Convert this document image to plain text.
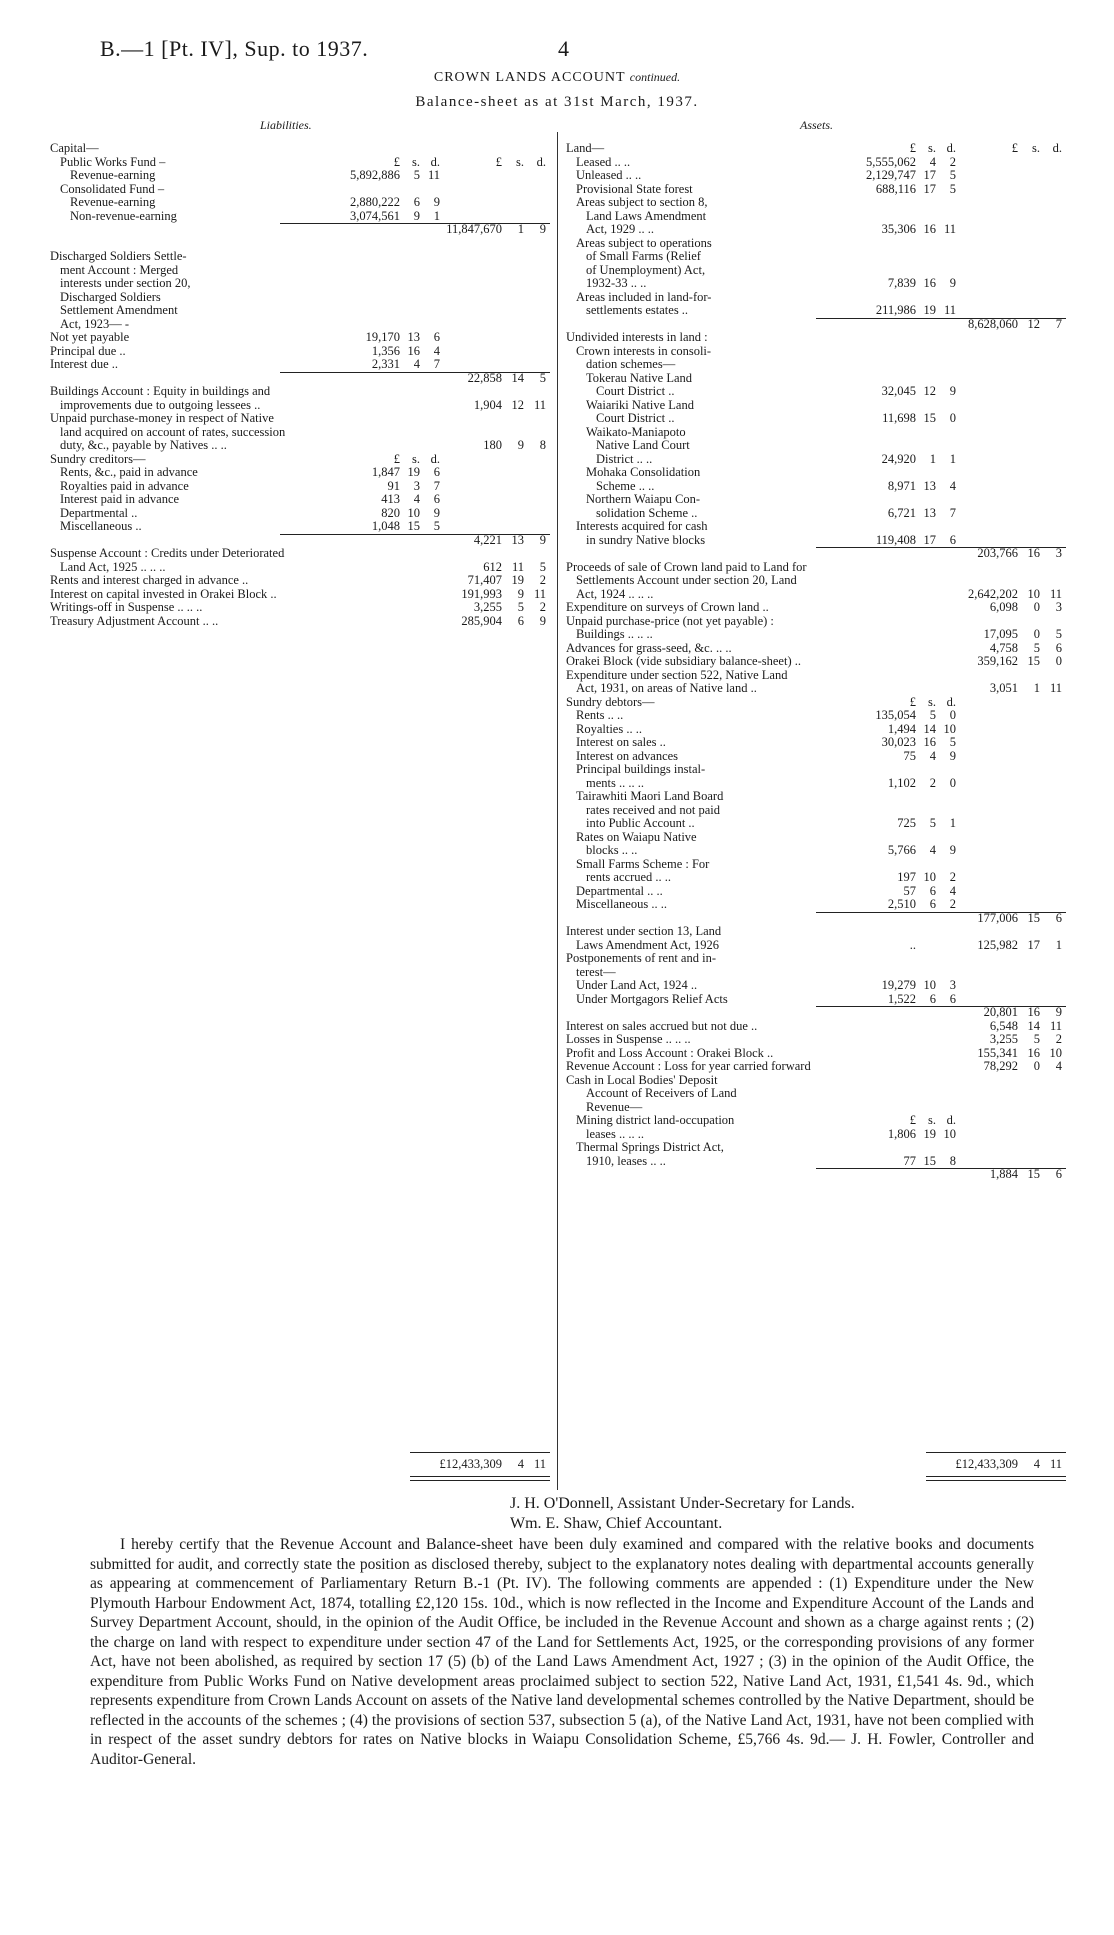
B.—1 [Pt. IV], Sup. to 1937.	4
CROWN LANDS ACCOUNT continued.
Balance-sheet as at 31st March, 1937.
Liabilities.	Assets.
Capital—
Public Works Fund –	£ s. d.	£ s. d.
Revenue-earning	5,892,886 5 11
Consolidated Fund –
Revenue-earning	2,880,222 6 9
Non-revenue-earning	3,074,561 9 1
11,847,670 1 9
Discharged Soldiers Settle-
ment Account : Merged
interests under section 20,
Discharged Soldiers
Settlement Amendment
Act, 1923— -
Not yet payable	19,170 13 6
Principal due ..	1,356 16 4
Interest due ..	2,331 4 7
22,858 14 5
Buildings Account : Equity in buildings and
improvements due to outgoing lessees ..	1,904 12 11
Unpaid purchase-money in respect of Native
land acquired on account of rates, succession
duty, &c., payable by Natives .. ..	180 9 8
Sundry creditors—	£ s. d.
Rents, &c., paid in advance	1,847 19 6
Royalties paid in advance	91 3 7
Interest paid in advance	413 4 6
Departmental ..	820 10 9
Miscellaneous ..	1,048 15 5
4,221 13 9
Suspense Account : Credits under Deteriorated
Land Act, 1925 .. .. ..	612 11 5
Rents and interest charged in advance ..	71,407 19 2
Interest on capital invested in Orakei Block ..	191,993 9 11
Writings-off in Suspense .. .. ..	3,255 5 2
Treasury Adjustment Account .. ..	285,904 6 9
£12,433,309 4 11
Land—	£ s. d.	£ s. d.
Leased .. ..	5,555,062 4 2
Unleased .. ..	2,129,747 17 5
Provisional State forest	688,116 17 5
Areas subject to section 8,
Land Laws Amendment
Act, 1929 .. ..	35,306 16 11
Areas subject to operations
of Small Farms (Relief
of Unemployment) Act,
1932-33 .. ..	7,839 16 9
Areas included in land-for-
settlements estates ..	211,986 19 11
8,628,060 12 7
Undivided interests in land :
Crown interests in consoli-
dation schemes—
Tokerau Native Land
Court District ..	32,045 12 9
Waiariki Native Land
Court District ..	11,698 15 0
Waikato-Maniapoto
Native Land Court
District .. ..	24,920 1 1
Mohaka Consolidation
Scheme .. ..	8,971 13 4
Northern Waiapu Con-
solidation Scheme ..	6,721 13 7
Interests acquired for cash
in sundry Native blocks	119,408 17 6
203,766 16 3
Proceeds of sale of Crown land paid to Land for
Settlements Account under section 20, Land
Act, 1924 .. .. ..	2,642,202 10 11
Expenditure on surveys of Crown land ..	6,098 0 3
Unpaid purchase-price (not yet payable) :
Buildings .. .. ..	17,095 0 5
Advances for grass-seed, &c. .. ..	4,758 5 6
Orakei Block (vide subsidiary balance-sheet) ..	359,162 15 0
Expenditure under section 522, Native Land
Act, 1931, on areas of Native land ..	3,051 1 11
Sundry debtors—	£ s. d.
Rents .. ..	135,054 5 0
Royalties .. ..	1,494 14 10
Interest on sales ..	30,023 16 5
Interest on advances	75 4 9
Principal buildings instal-
ments .. .. ..	1,102 2 0
Tairawhiti Maori Land Board
rates received and not paid
into Public Account ..	725 5 1
Rates on Waiapu Native
blocks .. ..	5,766 4 9
Small Farms Scheme : For
rents accrued .. ..	197 10 2
Departmental .. ..	57 6 4
Miscellaneous .. ..	2,510 6 2
177,006 15 6
Interest under section 13, Land
Laws Amendment Act, 1926	..	125,982 17 1
Postponements of rent and in-
terest—
Under Land Act, 1924 ..	19,279 10 3
Under Mortgagors Relief Acts	1,522 6 6
20,801 16 9
Interest on sales accrued but not due ..	6,548 14 11
Losses in Suspense .. .. ..	3,255 5 2
Profit and Loss Account : Orakei Block ..	155,341 16 10
Revenue Account : Loss for year carried forward	78,292 0 4
Cash in Local Bodies' Deposit
Account of Receivers of Land
Revenue—
Mining district land-occupation	£ s. d.
leases .. .. ..	1,806 19 10
Thermal Springs District Act,
1910, leases .. ..	77 15 8
1,884 15 6
£12,433,309 4 11
J. H. O'Donnell, Assistant Under-Secretary for Lands.
Wm. E. Shaw, Chief Accountant.
I hereby certify that the Revenue Account and Balance-sheet have been duly examined and compared with the relative books and documents submitted for audit, and correctly state the position as disclosed thereby, subject to the explanatory notes dealing with departmental accounts generally as appearing at commencement of Parliamentary Return B.-1 (Pt. IV). The following comments are appended : (1) Expenditure under the New Plymouth Harbour Endowment Act, 1874, totalling £2,120 15s. 10d., which is now reflected in the Income and Expenditure Account of the Lands and Survey Department Account, should, in the opinion of the Audit Office, be included in the Revenue Account and shown as a charge against rents ; (2) the charge on land with respect to expenditure under section 47 of the Land for Settlements Act, 1925, or the corresponding provisions of any former Act, have not been abolished, as required by section 17 (5) (b) of the Land Laws Amendment Act, 1927 ; (3) in the opinion of the Audit Office, the expenditure from Public Works Fund on Native development areas proclaimed subject to section 522, Native Land Act, 1931, £1,541 4s. 9d., which represents expenditure from Crown Lands Account on assets of the Native land developmental schemes controlled by the Native Department, should be reflected in the accounts of the schemes ; (4) the provisions of section 537, subsection 5 (a), of the Native Land Act, 1931, have not been complied with in respect of the asset sundry debtors for rates on Native blocks in Waiapu Consolidation Scheme, £5,766 4s. 9d.— J. H. Fowler, Controller and Auditor-General.
